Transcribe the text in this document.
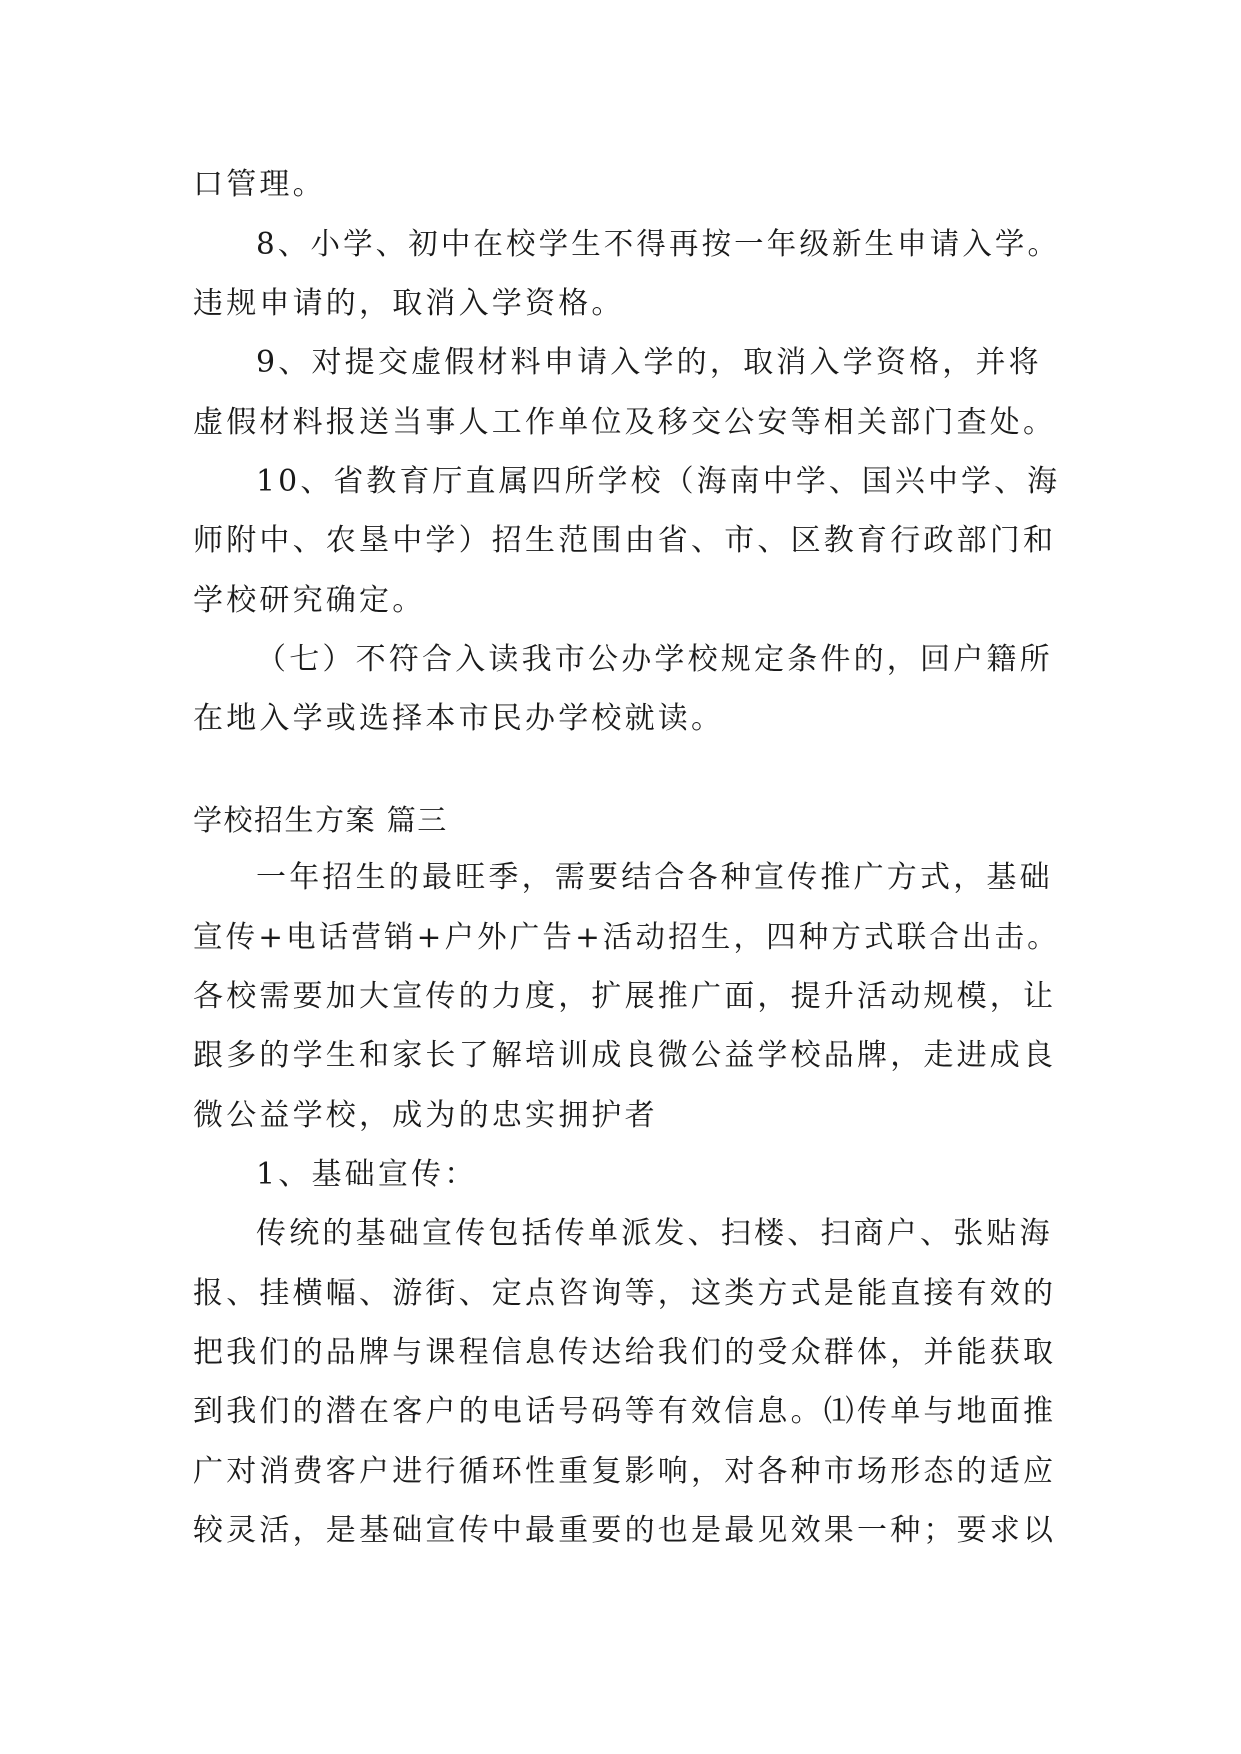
口管理。
8、小学、初中在校学生不得再按一年级新生申请入学。
违规申请的，取消入学资格。
9、对提交虚假材料申请入学的，取消入学资格，并将
虚假材料报送当事人工作单位及移交公安等相关部门查处。
10、省教育厅直属四所学校（海南中学、国兴中学、海
师附中、农垦中学）招生范围由省、市、区教育行政部门和
学校研究确定。
（七）不符合入读我市公办学校规定条件的，回户籍所
在地入学或选择本市民办学校就读。
学校招生方案 篇三
一年招生的最旺季，需要结合各种宣传推广方式，基础
宣传+电话营销+户外广告+活动招生，四种方式联合出击。
各校需要加大宣传的力度，扩展推广面，提升活动规模，让
跟多的学生和家长了解培训成良微公益学校品牌，走进成良
微公益学校，成为的忠实拥护者
1、基础宣传：
传统的基础宣传包括传单派发、扫楼、扫商户、张贴海
报、挂横幅、游街、定点咨询等，这类方式是能直接有效的
把我们的品牌与课程信息传达给我们的受众群体，并能获取
到我们的潜在客户的电话号码等有效信息。⑴传单与地面推
广对消费客户进行循环性重复影响，对各种市场形态的适应
较灵活，是基础宣传中最重要的也是最见效果一种；要求以
